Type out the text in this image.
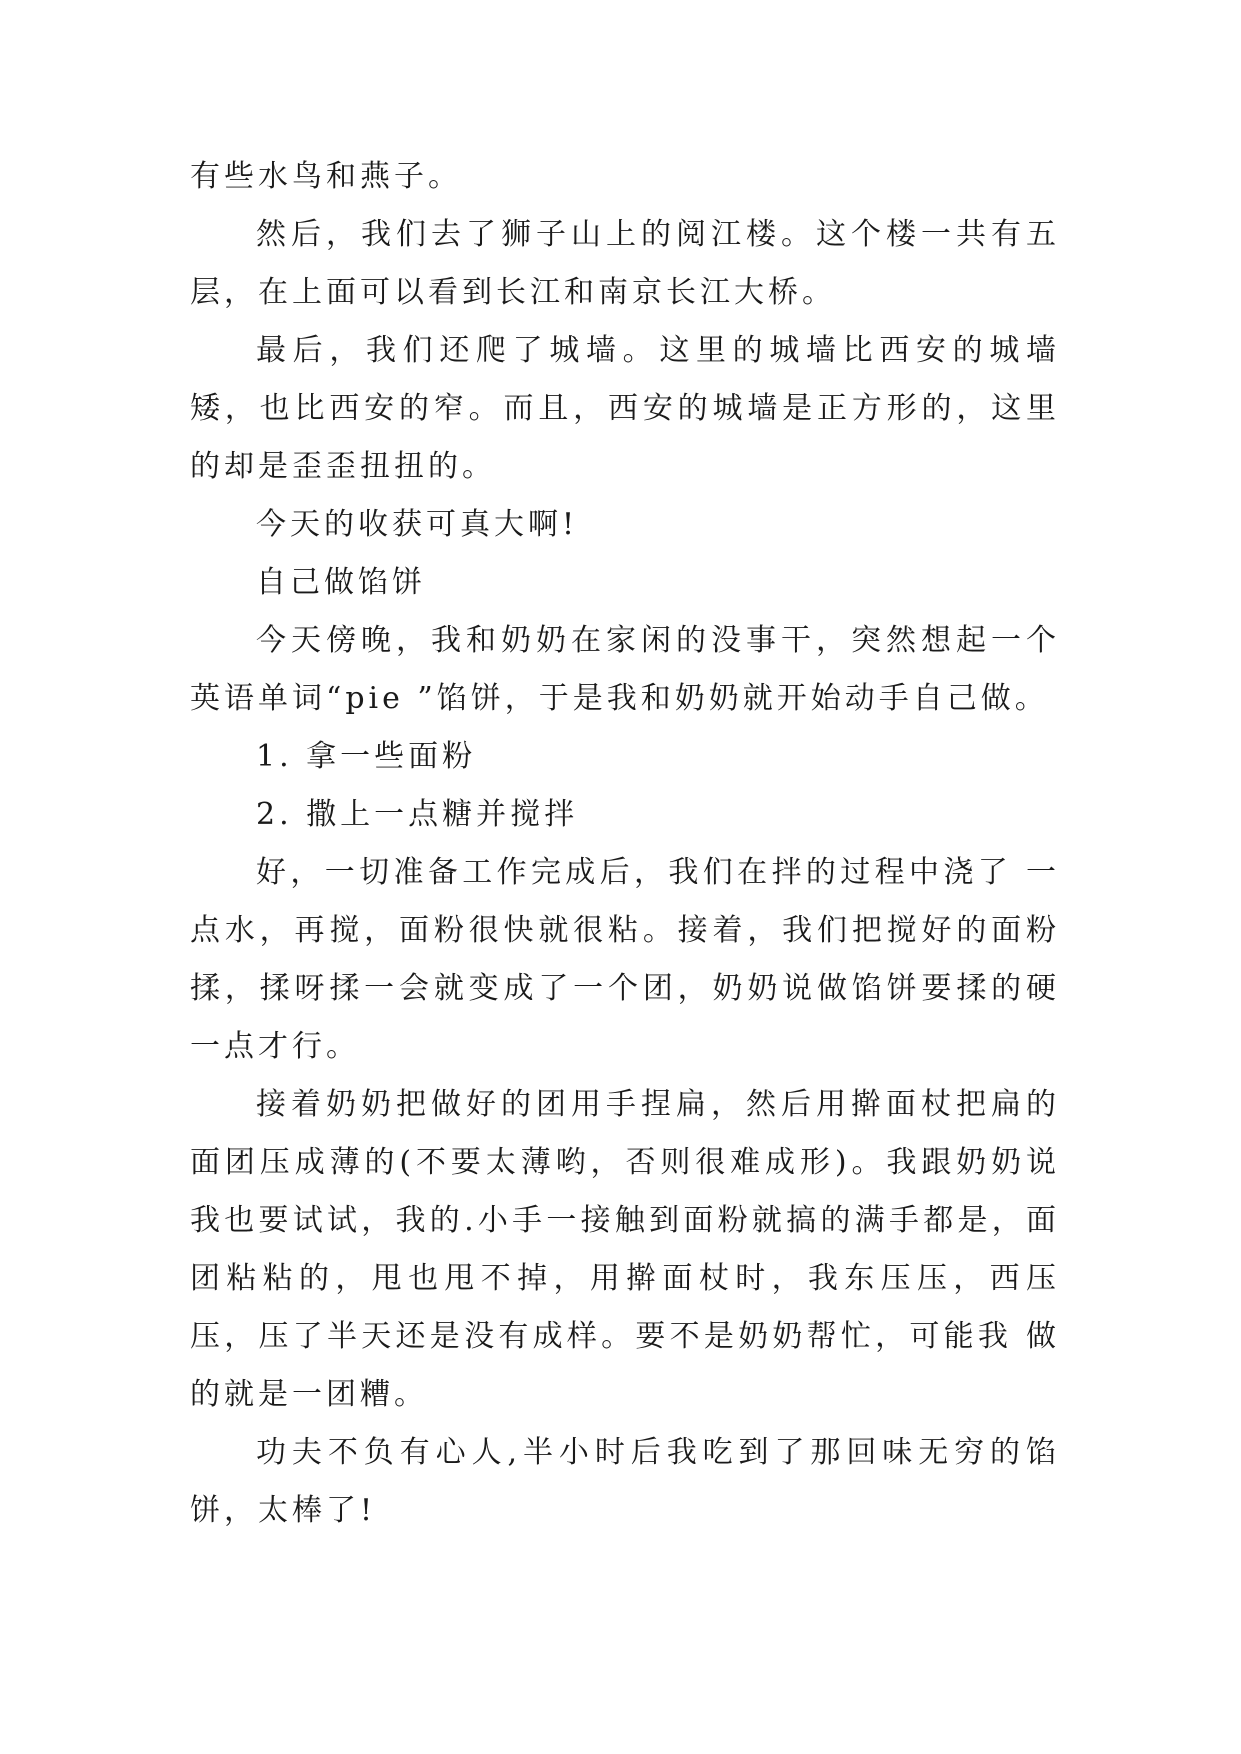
有些水鸟和燕子。

然后，我们去了狮子山上的阅江楼。这个楼一共有五层，在上面可以看到长江和南京长江大桥。

最后，我们还爬了城墙。这里的城墙比西安的城墙矮，也比西安的窄。而且，西安的城墙是正方形的，这里的却是歪歪扭扭的。

今天的收获可真大啊!

自己做馅饼

今天傍晚，我和奶奶在家闲的没事干，突然想起一个英语单词“pie ”馅饼，于是我和奶奶就开始动手自己做。

1. 拿一些面粉

2. 撒上一点糖并搅拌

好，一切准备工作完成后，我们在拌的过程中浇了 一点水，再搅，面粉很快就很粘。接着，我们把搅好的面粉揉，揉呀揉一会就变成了一个团，奶奶说做馅饼要揉的硬一点才行。

接着奶奶把做好的团用手捏扁，然后用擀面杖把扁的面团压成薄的(不要太薄哟，否则很难成形)。我跟奶奶说我也要试试，我的.小手一接触到面粉就搞的满手都是，面团粘粘的，甩也甩不掉，用擀面杖时，我东压压，西压压，压了半天还是没有成样。要不是奶奶帮忙，可能我 做的就是一团糟。

功夫不负有心人,半小时后我吃到了那回味无穷的馅饼，太棒了!
